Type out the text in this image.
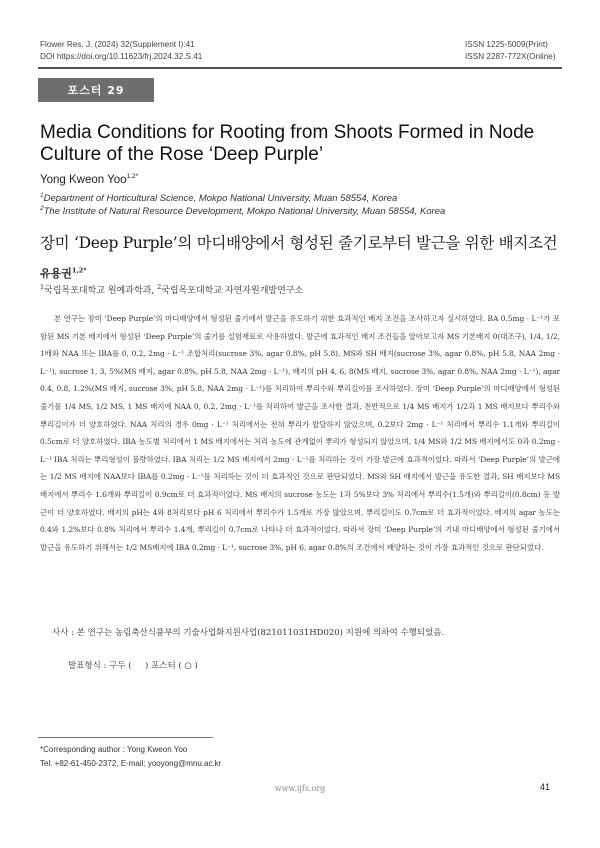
Flower Res. J. (2024) 32(Supplement I):41
DOI https://doi.org/10.11623/frj.2024.32.S.41
ISSN 1225-5009(Print)
ISSN 2287-772X(Online)
포스터 29
Media Conditions for Rooting from Shoots Formed in Node Culture of the Rose ‘Deep Purple’
Yong Kweon Yoo$^{1,2*}$
$^1$Department of Horticultural Science, Mokpo National University, Muan 58554, Korea
$^2$The Institute of Natural Resource Development, Mokpo National University, Muan 58554, Korea
장미 ‘Deep Purple’의 마디배양에서 형성된 줄기로부터 발근을 위한 배지조건
유용권$^{1,2*}$
$^1$국립목포대학교 원예과학과, $^2$국립목포대학교 자연자원개발연구소
본 연구는 장미 ‘Deep Purple’의 마디배양에서 형성된 줄기에서 발근을 유도하기 위한 효과적인 배지 조건을 조사하고자 실시하였다. BA 0.5mg · L⁻¹가 포함된 MS 기본 배지에서 형성된 ‘Deep Purple’의 줄기를 실험재료로 사용하였다. 발근에 효과적인 배지 조건들을 알아보고자 MS 기본배지 0(대조구), 1/4, 1/2, 1배와 NAA 또는 IBA를 0, 0.2, 2mg · L⁻¹ 조합처리(sucrose 3%, agar 0.8%, pH 5.8), MS와 SH 배지(sucrose 3%, agar 0.8%, pH 5.8, NAA 2mg · L⁻¹), sucrose 1, 3, 5%(MS 배지, agar 0.8%, pH 5.8, NAA 2mg · L⁻¹), 배지의 pH 4, 6, 8(MS 배지, sucrose 3%, agar 0.8%, NAA 2mg · L⁻¹), agar 0.4, 0.8, 1.2%(MS 배지, sucrose 3%, pH 5.8, NAA 2mg · L⁻¹)를 처리하여 뿌리수와 뿌리길이를 조사하였다. 장미 ‘Deep Purple’의 마디배양에서 형성된 줄기를 1/4 MS, 1/2 MS, 1 MS 배지에 NAA 0, 0.2, 2mg · L⁻¹를 처리하여 발근을 조사한 결과, 전반적으로 1/4 MS 배지가 1/2과 1 MS 배지보다 뿌리수와 뿌리길이가 더 양호하였다. NAA 처리의 경우 0mg · L⁻¹ 처리에서는 전혀 뿌리가 발달하지 않았으며, 0.2보다 2mg · L⁻¹ 처리에서 뿌리수 1.1개와 뿌리길이 0.5cm로 더 양호하였다. IBA 농도별 처리에서 1 MS 배지에서는 처리 농도에 관계없이 뿌리가 형성되지 않았으며, 1/4 MS와 1/2 MS 배지에서도 0과 0.2mg · L⁻¹ IBA 처리는 뿌리형성이 불량하였다. IBA 처리는 1/2 MS 배지에서 2mg · L⁻¹를 처리하는 것이 가장 발근에 효과적이었다. 따라서 ‘Deep Purple’의 발근에는 1/2 MS 배지에 NAA보다 IBA를 0.2mg · L⁻¹를 처리하는 것이 더 효과적인 것으로 판단되었다. MS와 SH 배지에서 발근을 유도한 결과, SH 배지보다 MS 배지에서 뿌리수 1.6개와 뿌리길이 0.9cm로 더 효과적이었다. MS 배지의 sucrose 농도는 1과 5%보다 3% 처리에서 뿌리수(1.5개)와 뿌리길이(0.8cm) 등 발근이 더 양호하였다. 배지의 pH는 4와 8처리보다 pH 6 처리에서 뿌리수가 1.5개로 가장 많았으며, 뿌리길이도 0.7cm로 더 효과적이었다. 배지의 agar 농도는 0.4와 1.2%보다 0.8% 처리에서 뿌리수 1.4개, 뿌리길이 0.7cm로 나타나 더 효과적이었다. 따라서 장미 ‘Deep Purple’의 기내 마디배양에서 형성된 줄기에서 발근을 유도하기 위해서는 1/2 MS배지에 IBA 0.2mg · L⁻¹, sucrose 3%, pH 6, agar 0.8%의 조건에서 배양하는 것이 가장 효과적인 것으로 판단되었다.
사사 : 본 연구는 농림축산식품부의 기술사업화지원사업(821011031HD020) 지원에 의하여 수행되었음.
발표형식 : 구두 (     ) 포스터 ( ○ )
*Corresponding author : Yong Kweon Yoo
Tel. +82-61-450-2372, E-mail: yooyong@mnu.ac.kr
www.ijfs.org	41
